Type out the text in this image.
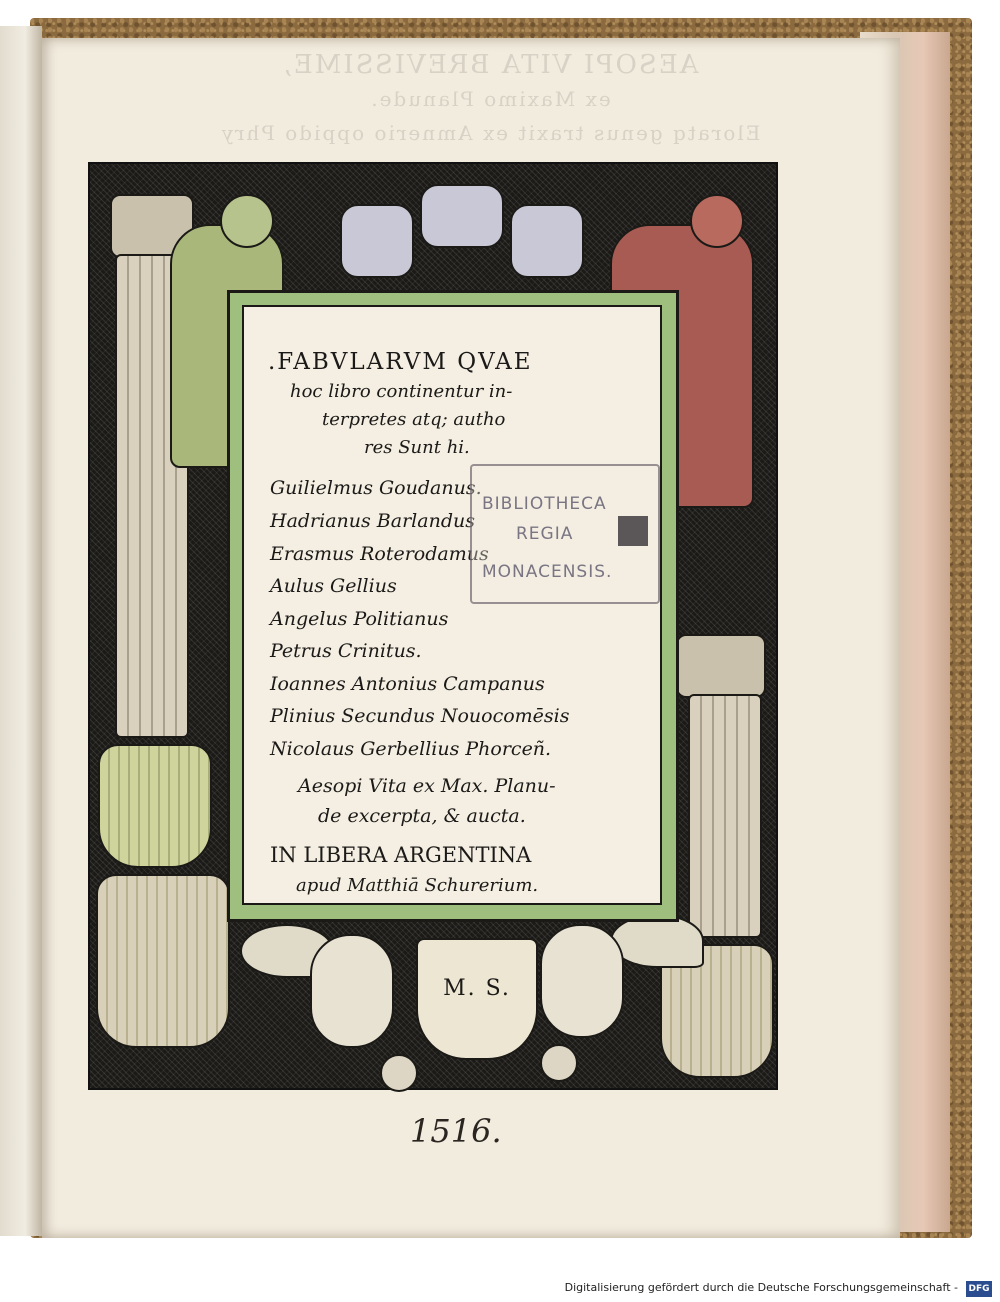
AESOPI VITA BREVISSIME,
ex Maximo Planude.
Eloratq genus traxit ex Amnerio oppido Phry
M. S.
.FABVLARVM QVAE
hoc libro continentur in-
terpretes atq; autho
res Sunt hi.
Guilielmus Goudanus.
Hadrianus Barlandus
Erasmus Roterodamus
Aulus Gellius
Angelus Politianus
Petrus Crinitus.
Ioannes Antonius Campanus
Plinius Secundus Nouocomēsis
Nicolaus Gerbellius Phorceñ.
Aesopi Vita ex Max. Planu-
de excerpta, & aucta.
IN LIBERA ARGENTINA
apud Matthiā Schurerium.
BIBLIOTHECA
REGIA
MONACENSIS.
1516.
Digitalisierung gefördert durch die Deutsche Forschungsgemeinschaft - DFG
